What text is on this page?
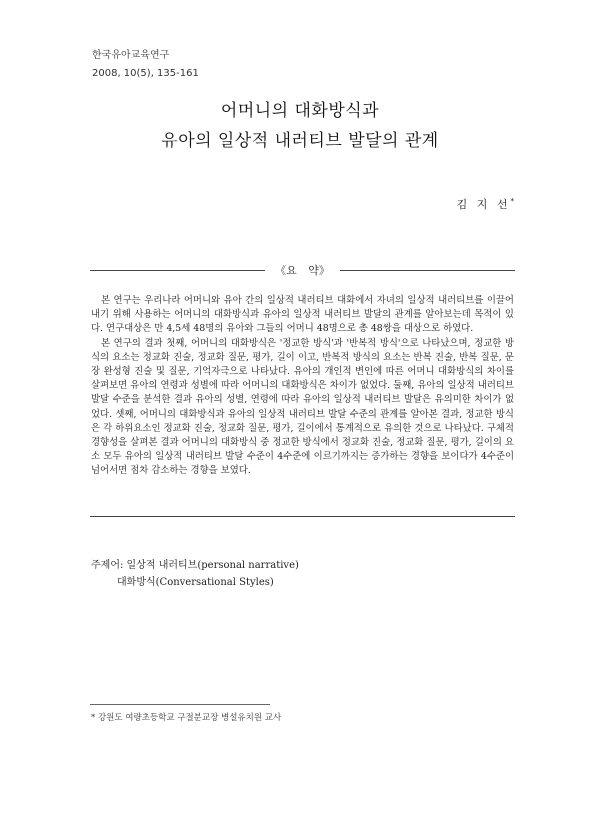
한국유아교육연구
2008, 10(5), 135-161
어머니의 대화방식과
유아의 일상적 내러티브 발달의 관계
김 지 선*
《요 약》

본 연구는 우리나라 어머니와 유아 간의 일상적 내러티브 대화에서 자녀의 일상적 내러티브를 이끌어내기 위해 사용하는 어머니의 대화방식과 유아의 일상적 내러티브 발달의 관계를 알아보는데 목적이 있다. 연구대상은 만 4,5세 48명의 유아와 그들의 어머니 48명으로 총 48쌍을 대상으로 하였다.

본 연구의 결과 첫째, 어머니의 대화방식은 '정교한 방식'과 '반복적 방식'으로 나타났으며, 정교한 방식의 요소는 정교화 진술, 정교화 질문, 평가, 길이 이고, 반복적 방식의 요소는 반복 진술, 반복 질문, 문장 완성형 진술 및 질문, 기억자극으로 나타났다. 유아의 개인적 변인에 따른 어머니 대화방식의 차이를 살펴보면 유아의 연령과 성별에 따라 어머니의 대화방식은 차이가 없었다. 둘째, 유아의 일상적 내러티브 발달 수준을 분석한 결과 유아의 성별, 연령에 따라 유아의 일상적 내러티브 발달은 유의미한 차이가 없었다. 셋째, 어머니의 대화방식과 유아의 일상적 내러티브 발달 수준의 관계를 알아본 결과, 정교한 방식은 각 하위요소인 정교화 진술, 정교화 질문, 평가, 길이에서 통계적으로 유의한 것으로 나타났다. 구체적 경향성을 살펴본 결과 어머니의 대화방식 중 정교한 방식에서 정교화 진술, 정교화 질문, 평가, 길이의 요소 모두 유아의 일상적 내러티브 발달 수준이 4수준에 이르기까지는 증가하는 경향을 보이다가 4수준이 넘어서면 점차 감소하는 경향을 보였다.

주제어: 일상적 내러티브(personal narrative)
대화방식(Conversational Styles)
* 강원도 여량초등학교 구절분교장 병설유치원 교사
